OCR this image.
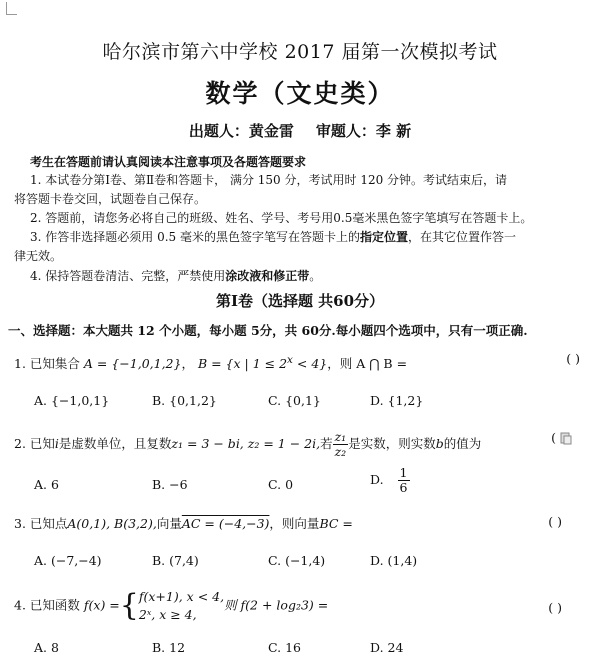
哈尔滨市第六中学校 2017 届第一次模拟考试
数学（文史类）
出题人：黄金雷 审题人：李 新
考生在答题前请认真阅读本注意事项及各题答题要求
1. 本试卷分第Ⅰ卷、第Ⅱ卷和答题卡， 满分 150 分，考试用时 120 分钟。考试结束后，请
将答题卡卷交回，试题卷自己保存。
2. 答题前，请您务必将自己的班级、姓名、学号、考号用0.5毫米黑色签字笔填写在答题卡上。
3. 作答非选择题必须用 0.5 毫米的黑色签字笔写在答题卡上的指定位置，在其它位置作答一
律无效。
4. 保持答题卷清洁、完整，严禁使用涂改液和修正带。
第Ⅰ卷（选择题 共60分）
一、选择题：本大题共 12 个小题，每小题 5分，共 60分.每小题四个选项中，只有一项正确.
1. 已知集合 A = {−1,0,1,2}， B = {x | $1 \le 2^x < 4$}，则 A ⋂ B =	( )
A. {−1,0,1}	B. {0,1,2}	C. {0,1}	D. {1,2}
2. 已知i是虚数单位，且复数z₁ = 3 − bi, z₂ = 1 − 2i,若 $\frac{\text{z₁}}{\text{z₂}}$ 是实数，则实数b的值为	(
A. 6	B. −6	C. 0	D. $\frac{1}{6}$
3. 已知点A(0,1), B(3,2),向量AC = (−4,−3)，则向量BC =	( )
A. (−7,−4)	B. (7,4)	C. (−1,4)	D. (1,4)
4. 已知函数 f(x) ={ f(x+1), x < 4,
2ˣ, x ≥ 4,
则 f(2 + log₂3) =	( )
A. 8	B. 12	C. 16	D. 24
